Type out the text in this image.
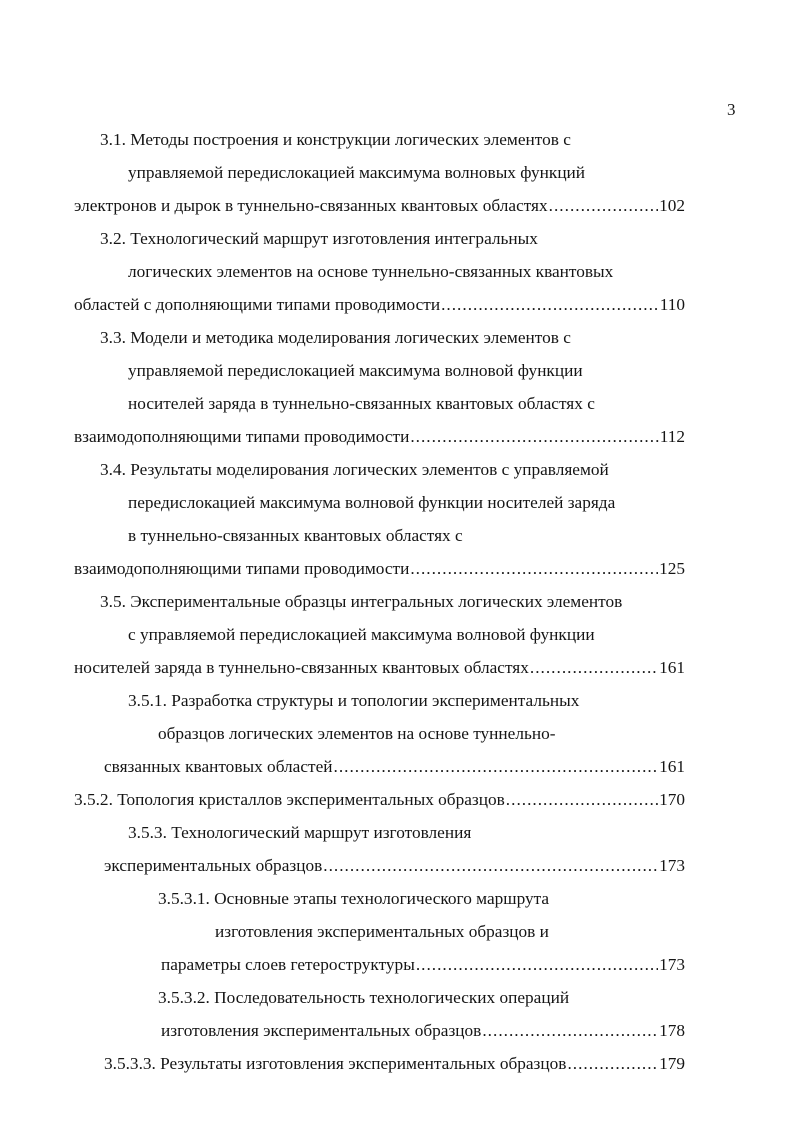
3
3.1. Методы построения и конструкции логических элементов с
управляемой передислокацией максимума волновых функций
электронов и дырок в туннельно-связанных квантовых областях .....	102
3.2. Технологический маршрут изготовления интегральных
логических элементов на основе туннельно-связанных квантовых
областей с дополняющими типами проводимости .....	110
3.3. Модели и методика моделирования логических элементов с
управляемой передислокацией максимума волновой функции
носителей заряда в туннельно-связанных квантовых областях с
взаимодополняющими типами проводимости .....	112
3.4. Результаты моделирования логических элементов с управляемой
передислокацией максимума волновой функции носителей заряда
в туннельно-связанных квантовых областях с
взаимодополняющими типами проводимости .....	125
3.5. Экспериментальные образцы интегральных логических элементов
с управляемой передислокацией максимума волновой функции
носителей заряда в туннельно-связанных квантовых областях .....	161
3.5.1. Разработка структуры и топологии экспериментальных
образцов логических элементов на основе туннельно-
связанных квантовых областей .....	161
3.5.2. Топология кристаллов экспериментальных образцов .....	170
3.5.3. Технологический маршрут изготовления
экспериментальных образцов .....	173
3.5.3.1. Основные этапы технологического маршрута
изготовления экспериментальных образцов и
параметры слоев гетероструктуры .....	173
3.5.3.2. Последовательность технологических операций
изготовления экспериментальных образцов .....	178
3.5.3.3. Результаты изготовления экспериментальных образцов .....	179
